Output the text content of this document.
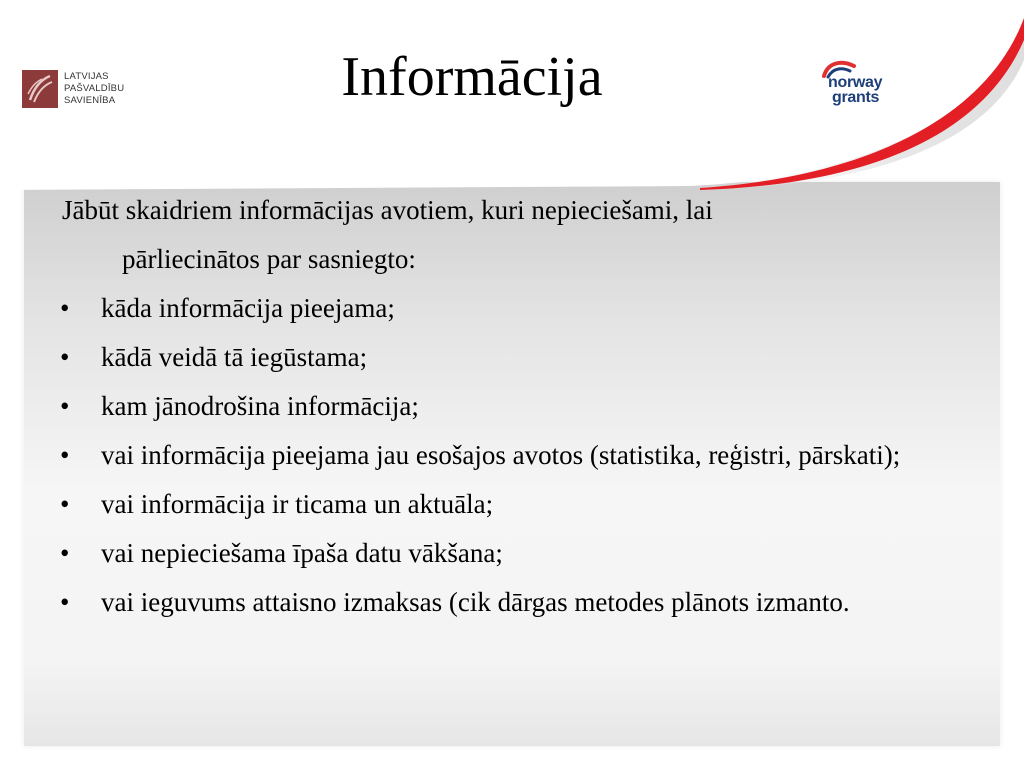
LATVIJAS
PAŠVALDĪBU
SAVIENĪBA	Informācija	norway
grants

Jābūt skaidriem informācijas avotiem, kuri nepieciešami, lai
pārliecinātos par sasniegto:

• kāda informācija pieejama;
• kādā veidā tā iegūstama;
• kam jānodrošina informācija;
• vai informācija pieejama jau esošajos avotos (statistika, reģistri, pārskati);
• vai informācija ir ticama un aktuāla;
• vai nepieciešama īpaša datu vākšana;
• vai ieguvums attaisno izmaksas (cik dārgas metodes plānots izmanto.
